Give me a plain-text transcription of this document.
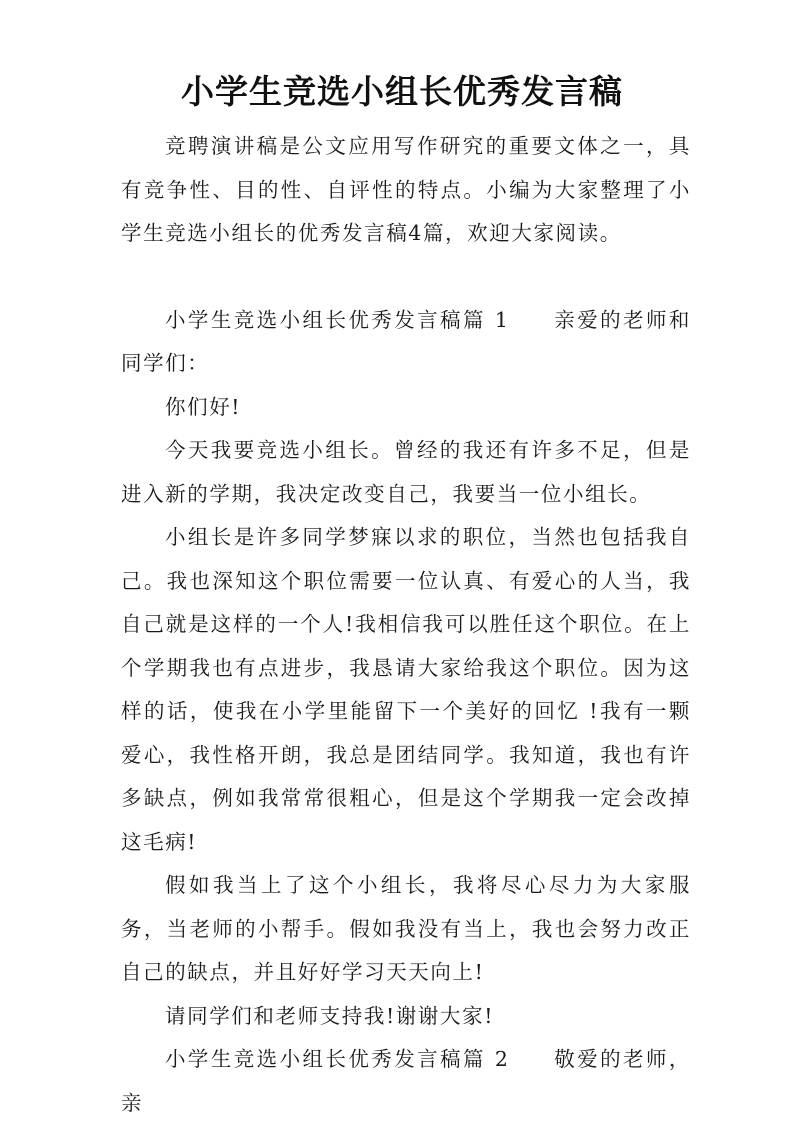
小学生竞选小组长优秀发言稿

竞聘演讲稿是公文应用写作研究的重要文体之一，具有竞争性、目的性、自评性的特点。小编为大家整理了小学生竞选小组长的优秀发言稿4篇，欢迎大家阅读。

小学生竞选小组长优秀发言稿篇 1 亲爱的老师和同学们：

你们好!

今天我要竞选小组长。曾经的我还有许多不足，但是进入新的学期，我决定改变自己，我要当一位小组长。

小组长是许多同学梦寐以求的职位，当然也包括我自己。我也深知这个职位需要一位认真、有爱心的人当，我自己就是这样的一个人!我相信我可以胜任这个职位。在上个学期我也有点进步，我恳请大家给我这个职位。因为这样的话，使我在小学里能留下一个美好的回忆 !我有一颗爱心，我性格开朗，我总是团结同学。我知道，我也有许多缺点，例如我常常很粗心，但是这个学期我一定会改掉这毛病!

假如我当上了这个小组长，我将尽心尽力为大家服务，当老师的小帮手。假如我没有当上，我也会努力改正自己的缺点，并且好好学习天天向上!

请同学们和老师支持我!谢谢大家!

小学生竞选小组长优秀发言稿篇 2 敬爱的老师，亲
